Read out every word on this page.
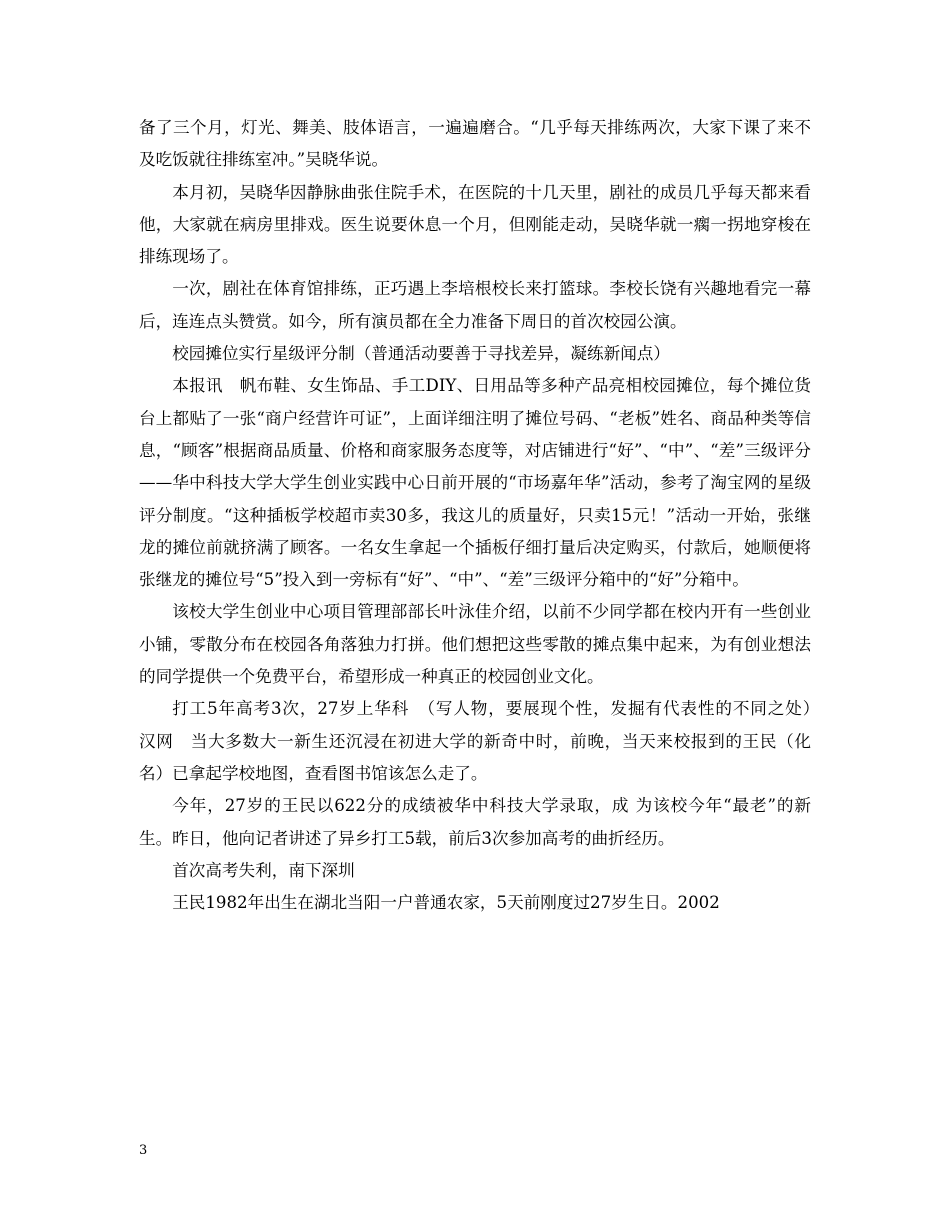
备了三个月，灯光、舞美、肢体语言，一遍遍磨合。“几乎每天排练两次，大家下课了来不及吃饭就往排练室冲。”吴晓华说。

本月初，吴晓华因静脉曲张住院手术，在医院的十几天里，剧社的成员几乎每天都来看他，大家就在病房里排戏。医生说要休息一个月，但刚能走动，吴晓华就一瘸一拐地穿梭在排练现场了。

一次，剧社在体育馆排练，正巧遇上李培根校长来打篮球。李校长饶有兴趣地看完一幕后，连连点头赞赏。如今，所有演员都在全力准备下周日的首次校园公演。

校园摊位实行星级评分制（普通活动要善于寻找差异，凝练新闻点）

本报讯　帆布鞋、女生饰品、手工DIY、日用品等多种产品亮相校园摊位，每个摊位货台上都贴了一张“商户经营许可证”，上面详细注明了摊位号码、“老板”姓名、商品种类等信息，“顾客”根据商品质量、价格和商家服务态度等，对店铺进行“好”、“中”、“差”三级评分——华中科技大学大学生创业实践中心日前开展的“市场嘉年华”活动，参考了淘宝网的星级评分制度。“这种插板学校超市卖30多，我这儿的质量好，只卖15元！”活动一开始，张继龙的摊位前就挤满了顾客。一名女生拿起一个插板仔细打量后决定购买，付款后，她顺便将张继龙的摊位号“5”投入到一旁标有“好”、“中”、“差”三级评分箱中的“好”分箱中。

该校大学生创业中心项目管理部部长叶泳佳介绍，以前不少同学都在校内开有一些创业小铺，零散分布在校园各角落独力打拼。他们想把这些零散的摊点集中起来，为有创业想法的同学提供一个免费平台，希望形成一种真正的校园创业文化。

打工5年高考3次，27岁上华科　（写人物，要展现个性，发掘有代表性的不同之处）　汉网　当大多数大一新生还沉浸在初进大学的新奇中时，前晚，当天来校报到的王民（化名）已拿起学校地图，查看图书馆该怎么走了。

今年，27岁的王民以622分的成绩被华中科技大学录取，成 为该校今年“最老”的新生。昨日，他向记者讲述了异乡打工5载，前后3次参加高考的曲折经历。

首次高考失利，南下深圳

王民1982年出生在湖北当阳一户普通农家，5天前刚度过27岁生日。2002

3
